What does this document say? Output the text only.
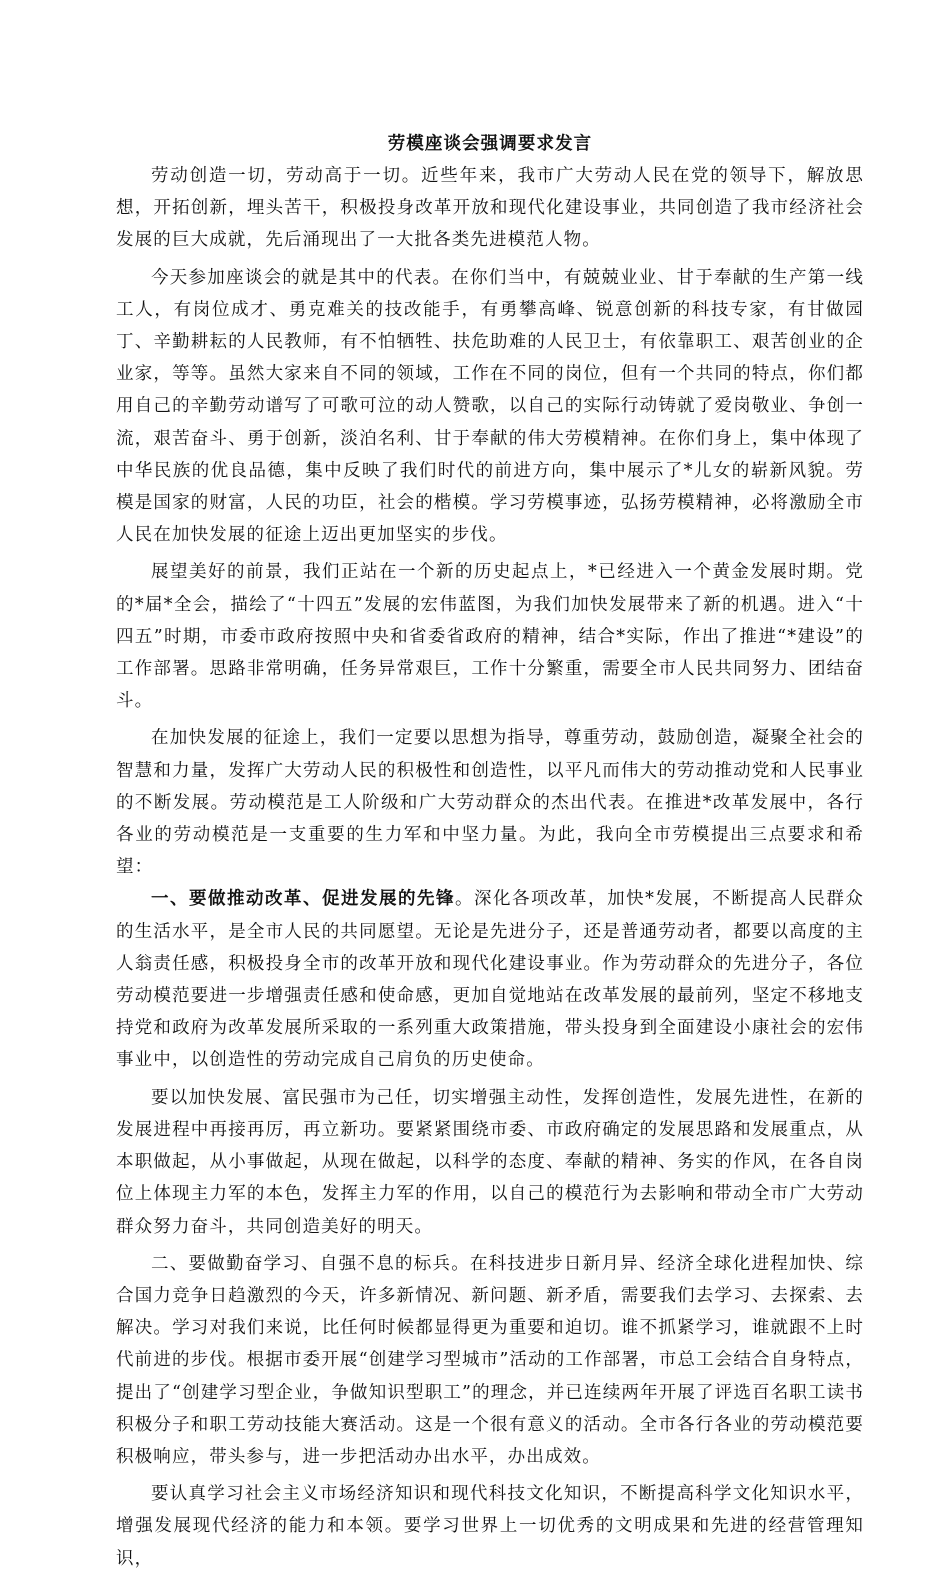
劳模座谈会强调要求发言

劳动创造一切，劳动高于一切。近些年来，我市广大劳动人民在党的领导下，解放思想，开拓创新，埋头苦干，积极投身改革开放和现代化建设事业，共同创造了我市经济社会发展的巨大成就，先后涌现出了一大批各类先进模范人物。

今天参加座谈会的就是其中的代表。在你们当中，有兢兢业业、甘于奉献的生产第一线工人，有岗位成才、勇克难关的技改能手，有勇攀高峰、锐意创新的科技专家，有甘做园丁、辛勤耕耘的人民教师，有不怕牺牲、扶危助难的人民卫士，有依靠职工、艰苦创业的企业家，等等。虽然大家来自不同的领域，工作在不同的岗位，但有一个共同的特点，你们都用自己的辛勤劳动谱写了可歌可泣的动人赞歌，以自己的实际行动铸就了爱岗敬业、争创一流，艰苦奋斗、勇于创新，淡泊名利、甘于奉献的伟大劳模精神。在你们身上，集中体现了中华民族的优良品德，集中反映了我们时代的前进方向，集中展示了*儿女的崭新风貌。劳模是国家的财富，人民的功臣，社会的楷模。学习劳模事迹，弘扬劳模精神，必将激励全市人民在加快发展的征途上迈出更加坚实的步伐。

展望美好的前景，我们正站在一个新的历史起点上，*已经进入一个黄金发展时期。党的*届*全会，描绘了“十四五”发展的宏伟蓝图，为我们加快发展带来了新的机遇。进入“十四五”时期，市委市政府按照中央和省委省政府的精神，结合*实际，作出了推进“*建设”的工作部署。思路非常明确，任务异常艰巨，工作十分繁重，需要全市人民共同努力、团结奋斗。

在加快发展的征途上，我们一定要以思想为指导，尊重劳动，鼓励创造，凝聚全社会的智慧和力量，发挥广大劳动人民的积极性和创造性，以平凡而伟大的劳动推动党和人民事业的不断发展。劳动模范是工人阶级和广大劳动群众的杰出代表。在推进*改革发展中，各行各业的劳动模范是一支重要的生力军和中坚力量。为此，我向全市劳模提出三点要求和希望：

一、要做推动改革、促进发展的先锋。深化各项改革，加快*发展，不断提高人民群众的生活水平，是全市人民的共同愿望。无论是先进分子，还是普通劳动者，都要以高度的主人翁责任感，积极投身全市的改革开放和现代化建设事业。作为劳动群众的先进分子，各位劳动模范要进一步增强责任感和使命感，更加自觉地站在改革发展的最前列，坚定不移地支持党和政府为改革发展所采取的一系列重大政策措施，带头投身到全面建设小康社会的宏伟事业中，以创造性的劳动完成自己肩负的历史使命。

要以加快发展、富民强市为己任，切实增强主动性，发挥创造性，发展先进性，在新的发展进程中再接再厉，再立新功。要紧紧围绕市委、市政府确定的发展思路和发展重点，从本职做起，从小事做起，从现在做起，以科学的态度、奉献的精神、务实的作风，在各自岗位上体现主力军的本色，发挥主力军的作用，以自己的模范行为去影响和带动全市广大劳动群众努力奋斗，共同创造美好的明天。

二、要做勤奋学习、自强不息的标兵。在科技进步日新月异、经济全球化进程加快、综合国力竞争日趋激烈的今天，许多新情况、新问题、新矛盾，需要我们去学习、去探索、去解决。学习对我们来说，比任何时候都显得更为重要和迫切。谁不抓紧学习，谁就跟不上时代前进的步伐。根据市委开展“创建学习型城市”活动的工作部署，市总工会结合自身特点，提出了“创建学习型企业，争做知识型职工”的理念，并已连续两年开展了评选百名职工读书积极分子和职工劳动技能大赛活动。这是一个很有意义的活动。全市各行各业的劳动模范要积极响应，带头参与，进一步把活动办出水平，办出成效。

要认真学习社会主义市场经济知识和现代科技文化知识，不断提高科学文化知识水平，增强发展现代经济的能力和本领。要学习世界上一切优秀的文明成果和先进的经营管理知识，
